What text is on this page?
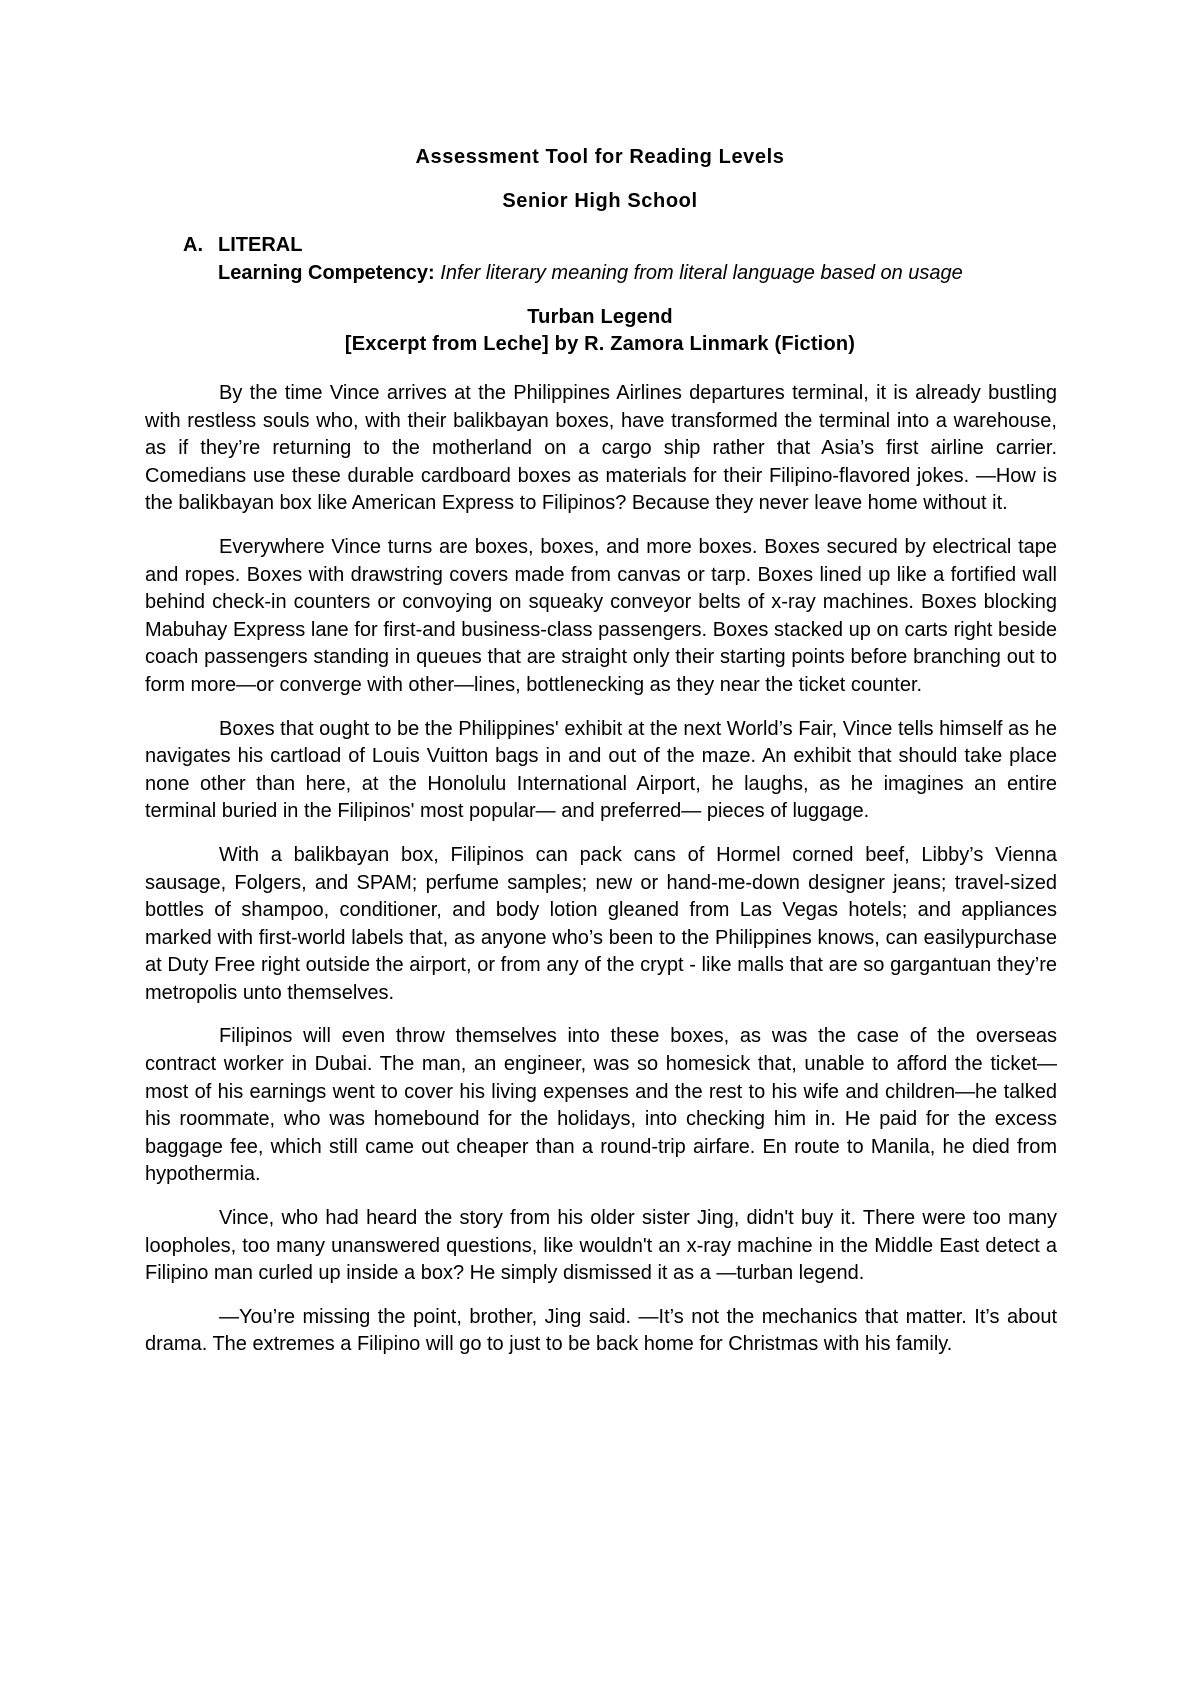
Assessment Tool for Reading Levels
Senior High School
A. LITERAL
Learning Competency: Infer literary meaning from literal language based on usage
Turban Legend
[Excerpt from Leche] by R. Zamora Linmark (Fiction)

By the time Vince arrives at the Philippines Airlines departures terminal, it is already bustling with restless souls who, with their balikbayan boxes, have transformed the terminal into a warehouse, as if they’re returning to the motherland on a cargo ship rather that Asia’s first airline carrier. Comedians use these durable cardboard boxes as materials for their Filipino-flavored jokes. ―How is the balikbayan box like American Express to Filipinos? Because they never leave home without it.

Everywhere Vince turns are boxes, boxes, and more boxes. Boxes secured by electrical tape and ropes. Boxes with drawstring covers made from canvas or tarp. Boxes lined up like a fortified wall behind check-in counters or convoying on squeaky conveyor belts of x-ray machines. Boxes blocking Mabuhay Express lane for first-and business-class passengers. Boxes stacked up on carts right beside coach passengers standing in queues that are straight only their starting points before branching out to form more—or converge with other—lines, bottlenecking as they near the ticket counter.

Boxes that ought to be the Philippines' exhibit at the next World’s Fair, Vince tells himself as he navigates his cartload of Louis Vuitton bags in and out of the maze. An exhibit that should take place none other than here, at the Honolulu International Airport, he laughs, as he imagines an entire terminal buried in the Filipinos' most popular— and preferred— pieces of luggage.

With a balikbayan box, Filipinos can pack cans of Hormel corned beef, Libby’s Vienna sausage, Folgers, and SPAM; perfume samples; new or hand-me-down designer jeans; travel-sized bottles of shampoo, conditioner, and body lotion gleaned from Las Vegas hotels; and appliances marked with first-world labels that, as anyone who’s been to the Philippines knows, can easilypurchase at Duty Free right outside the airport, or from any of the crypt - like malls that are so gargantuan they’re metropolis unto themselves.

Filipinos will even throw themselves into these boxes, as was the case of the overseas contract worker in Dubai. The man, an engineer, was so homesick that, unable to afford the ticket—most of his earnings went to cover his living expenses and the rest to his wife and children—he talked his roommate, who was homebound for the holidays, into checking him in. He paid for the excess baggage fee, which still came out cheaper than a round-trip airfare. En route to Manila, he died from hypothermia.

Vince, who had heard the story from his older sister Jing, didn't buy it. There were too many loopholes, too many unanswered questions, like wouldn't an x-ray machine in the Middle East detect a Filipino man curled up inside a box? He simply dismissed it as a ―turban legend.

―You’re missing the point, brother, Jing said. ―It’s not the mechanics that matter. It’s about drama. The extremes a Filipino will go to just to be back home for Christmas with his family.
